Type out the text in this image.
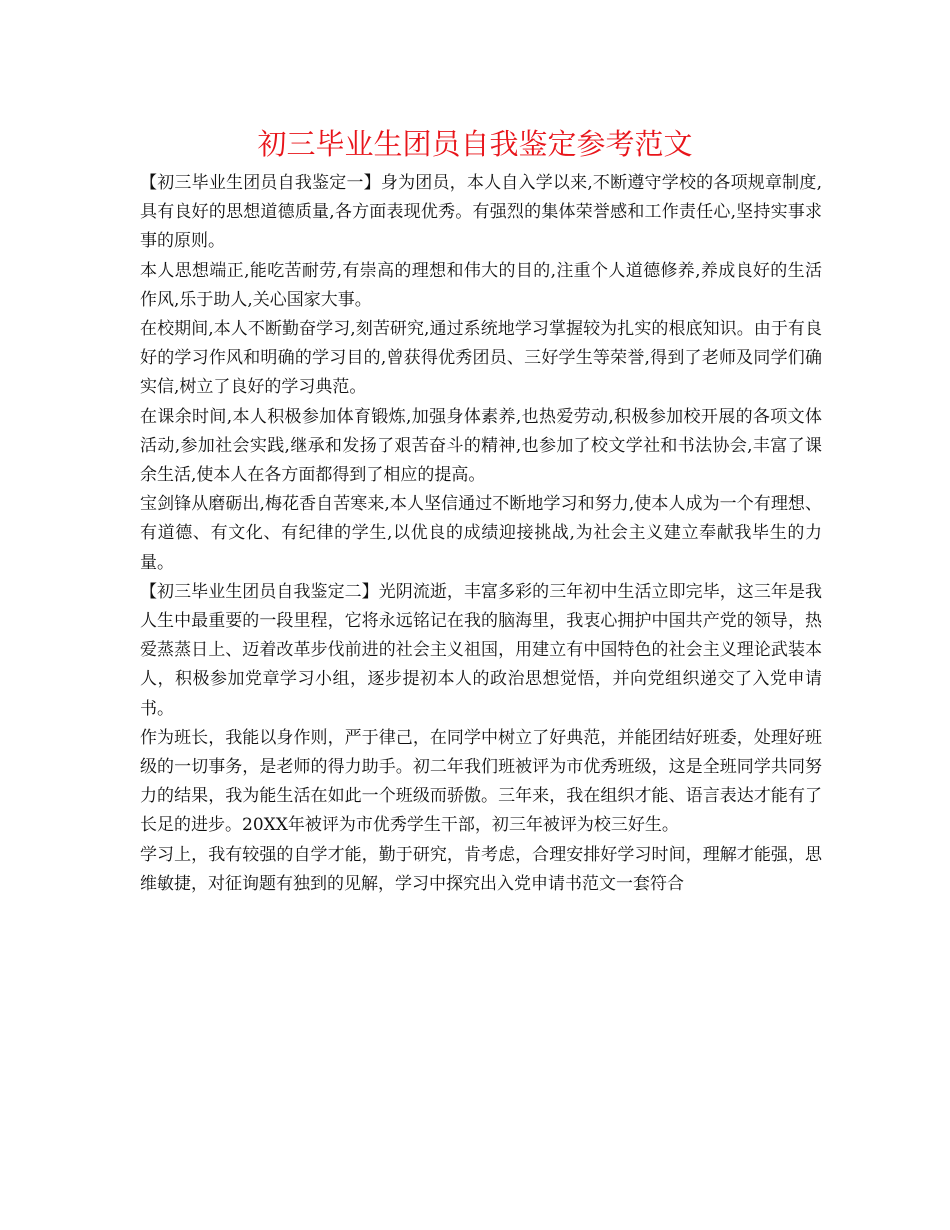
初三毕业生团员自我鉴定参考范文

【初三毕业生团员自我鉴定一】身为团员，本人自入学以来,不断遵守学校的各项规章制度,具有良好的思想道德质量,各方面表现优秀。有强烈的集体荣誉感和工作责任心,坚持实事求事的原则。

本人思想端正,能吃苦耐劳,有崇高的理想和伟大的目的,注重个人道德修养,养成良好的生活作风,乐于助人,关心国家大事。

在校期间,本人不断勤奋学习,刻苦研究,通过系统地学习掌握较为扎实的根底知识。由于有良好的学习作风和明确的学习目的,曾获得优秀团员、三好学生等荣誉,得到了老师及同学们确实信,树立了良好的学习典范。

在课余时间,本人积极参加体育锻炼,加强身体素养,也热爱劳动,积极参加校开展的各项文体活动,参加社会实践,继承和发扬了艰苦奋斗的精神,也参加了校文学社和书法协会,丰富了课余生活,使本人在各方面都得到了相应的提高。

宝剑锋从磨砺出,梅花香自苦寒来,本人坚信通过不断地学习和努力,使本人成为一个有理想、有道德、有文化、有纪律的学生,以优良的成绩迎接挑战,为社会主义建立奉献我毕生的力量。

【初三毕业生团员自我鉴定二】光阴流逝，丰富多彩的三年初中生活立即完毕，这三年是我人生中最重要的一段里程，它将永远铭记在我的脑海里，我衷心拥护中国共产党的领导，热爱蒸蒸日上、迈着改革步伐前进的社会主义祖国，用建立有中国特色的社会主义理论武装本人，积极参加党章学习小组，逐步提初本人的政治思想觉悟，并向党组织递交了入党申请书。

作为班长，我能以身作则，严于律己，在同学中树立了好典范，并能团结好班委，处理好班级的一切事务，是老师的得力助手。初二年我们班被评为市优秀班级，这是全班同学共同努力的结果，我为能生活在如此一个班级而骄傲。三年来，我在组织才能、语言表达才能有了长足的进步。20XX年被评为市优秀学生干部，初三年被评为校三好生。

学习上，我有较强的自学才能，勤于研究，肯考虑，合理安排好学习时间，理解才能强，思维敏捷，对征询题有独到的见解，学习中探究出入党申请书范文一套符合
